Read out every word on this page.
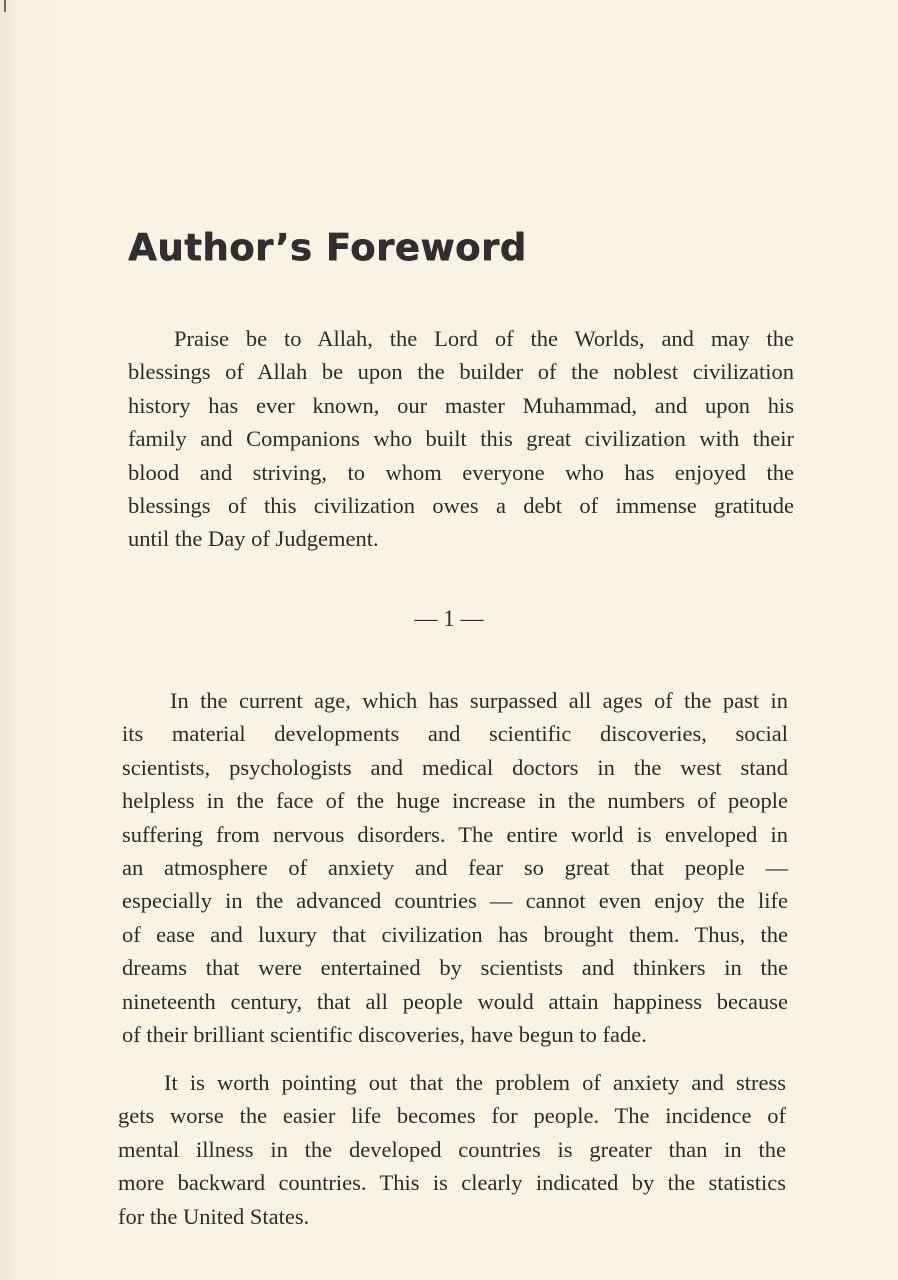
Author’s Foreword

Praise be to Allah, the Lord of the Worlds, and may the
blessings of Allah be upon the builder of the noblest civilization
history has ever known, our master Muhammad, and upon his
family and Companions who built this great civilization with their
blood and striving, to whom everyone who has enjoyed the
blessings of this civilization owes a debt of immense gratitude
until the Day of Judgement.

— 1 —

In the current age, which has surpassed all ages of the past in
its material developments and scientific discoveries, social
scientists, psychologists and medical doctors in the west stand
helpless in the face of the huge increase in the numbers of people
suffering from nervous disorders. The entire world is enveloped in
an atmosphere of anxiety and fear so great that people —
especially in the advanced countries — cannot even enjoy the life
of ease and luxury that civilization has brought them. Thus, the
dreams that were entertained by scientists and thinkers in the
nineteenth century, that all people would attain happiness because
of their brilliant scientific discoveries, have begun to fade.

It is worth pointing out that the problem of anxiety and stress
gets worse the easier life becomes for people. The incidence of
mental illness in the developed countries is greater than in the
more backward countries. This is clearly indicated by the statistics
for the United States.
